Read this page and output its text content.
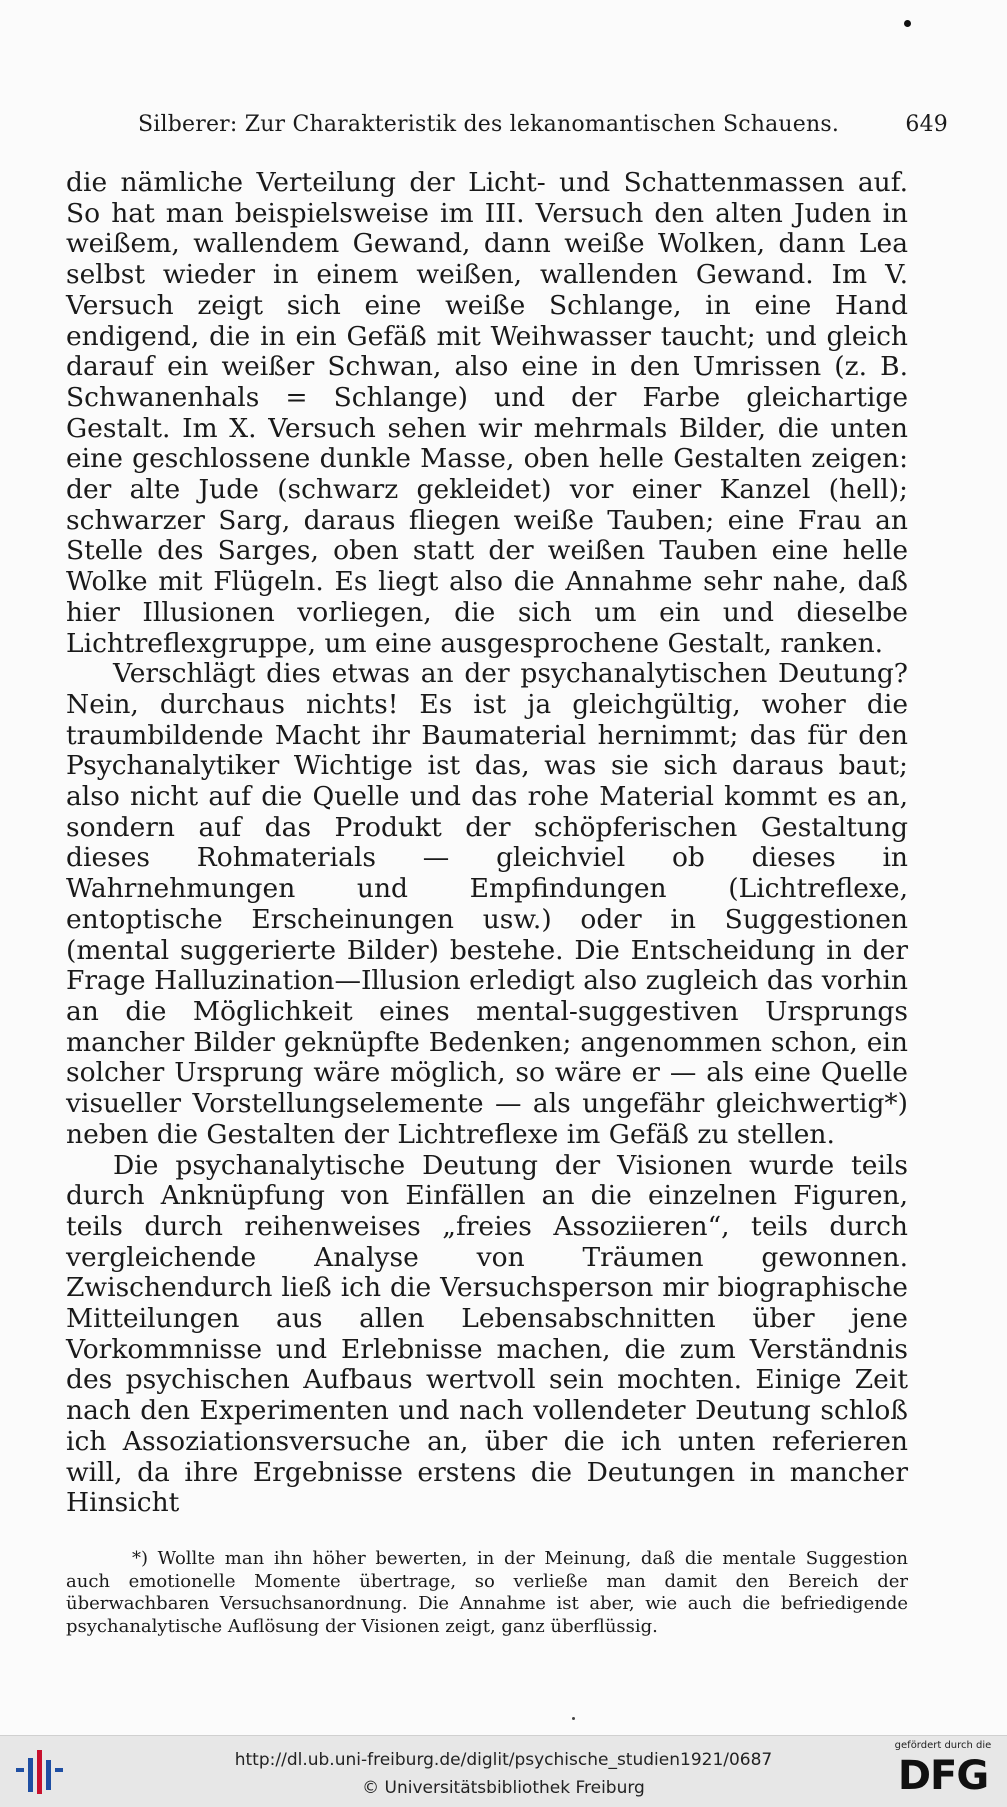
Silberer: Zur Charakteristik des lekanomantischen Schauens.	649

die nämliche Verteilung der Licht- und Schattenmassen auf. So hat man beispielsweise im III. Versuch den alten Juden in weißem, wallendem Gewand, dann weiße Wolken, dann Lea selbst wieder in einem weißen, wallenden Gewand. Im V. Versuch zeigt sich eine weiße Schlange, in eine Hand endigend, die in ein Gefäß mit Weihwasser taucht; und gleich darauf ein weißer Schwan, also eine in den Umrissen (z. B. Schwanenhals = Schlange) und der Farbe gleichartige Gestalt. Im X. Versuch sehen wir mehrmals Bilder, die unten eine geschlossene dunkle Masse, oben helle Gestalten zeigen: der alte Jude (schwarz gekleidet) vor einer Kanzel (hell); schwarzer Sarg, daraus fliegen weiße Tauben; eine Frau an Stelle des Sarges, oben statt der weißen Tauben eine helle Wolke mit Flügeln. Es liegt also die Annahme sehr nahe, daß hier Illusionen vorliegen, die sich um ein und dieselbe Lichtreflexgruppe, um eine ausgesprochene Gestalt, ranken.

Verschlägt dies etwas an der psychanalytischen Deutung? Nein, durchaus nichts! Es ist ja gleichgültig, woher die traumbildende Macht ihr Baumaterial hernimmt; das für den Psychanalytiker Wichtige ist das, was sie sich daraus baut; also nicht auf die Quelle und das rohe Material kommt es an, sondern auf das Produkt der schöpferischen Gestaltung dieses Rohmaterials — gleichviel ob dieses in Wahrnehmungen und Empfindungen (Lichtreflexe, entoptische Erscheinungen usw.) oder in Suggestionen (mental suggerierte Bilder) bestehe. Die Entscheidung in der Frage Halluzination—Illusion erledigt also zugleich das vorhin an die Möglichkeit eines mental-suggestiven Ursprungs mancher Bilder geknüpfte Bedenken; angenommen schon, ein solcher Ursprung wäre möglich, so wäre er — als eine Quelle visueller Vorstellungselemente — als ungefähr gleichwertig*) neben die Gestalten der Lichtreflexe im Gefäß zu stellen.

Die psychanalytische Deutung der Visionen wurde teils durch Anknüpfung von Einfällen an die einzelnen Figuren, teils durch reihenweises „freies Assoziieren“, teils durch vergleichende Analyse von Träumen gewonnen. Zwischendurch ließ ich die Versuchsperson mir biographische Mitteilungen aus allen Lebensabschnitten über jene Vorkommnisse und Erlebnisse machen, die zum Verständnis des psychischen Aufbaus wertvoll sein mochten. Einige Zeit nach den Experimenten und nach vollendeter Deutung schloß ich Assoziationsversuche an, über die ich unten referieren will, da ihre Ergebnisse erstens die Deutungen in mancher Hinsicht

*) Wollte man ihn höher bewerten, in der Meinung, daß die mentale Suggestion auch emotionelle Momente übertrage, so verließe man damit den Bereich der überwachbaren Versuchsanordnung. Die Annahme ist aber, wie auch die befriedigende psychanalytische Auflösung der Visionen zeigt, ganz überflüssig.

http://dl.ub.uni-freiburg.de/diglit/psychische_studien1921/0687
© Universitätsbibliothek Freiburg
gefördert durch die
DFG
